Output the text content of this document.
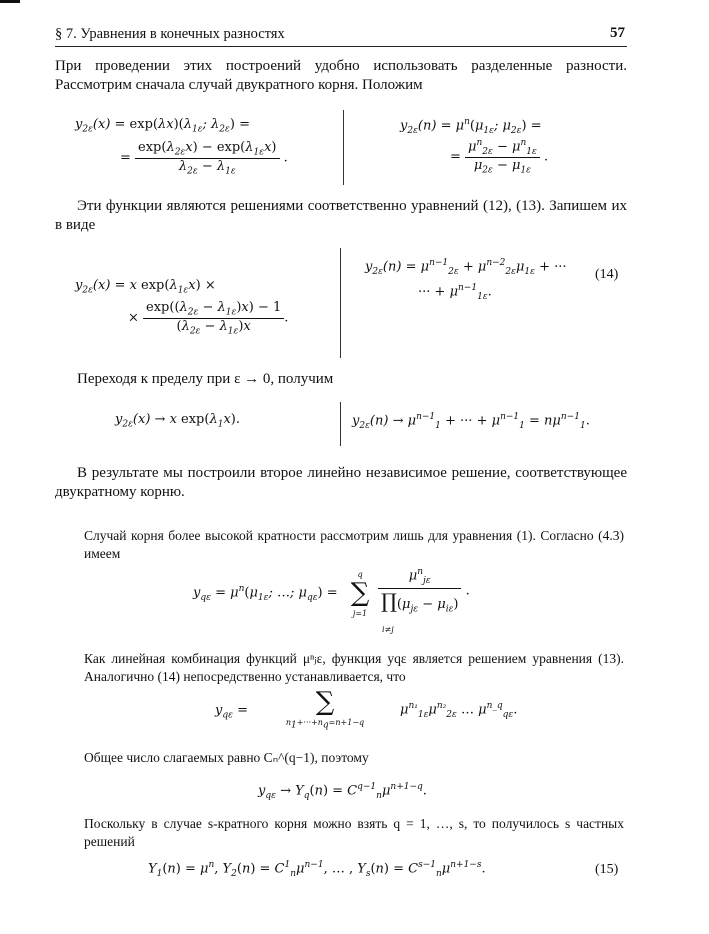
§ 7. Уравнения в конечных разностях	57
При проведении этих построений удобно использовать разделенные разности. Рассмотрим сначала случай двукратного корня. Положим
$y_{2\varepsilon}(x) = \exp(\lambda x)(\lambda_{1\varepsilon}$; $\lambda_{2\varepsilon}$) =
= $\frac{\exp(\lambda_{2\varepsilon}x) - \exp(\lambda_{1\varepsilon}x)}{\lambda_{2\varepsilon} - \lambda_{1\varepsilon}}$ .
$y_{2\varepsilon}(n) = \mu^n(\mu_{1\varepsilon}$; $\mu_{2\varepsilon}$) =
= $\frac{\mu^n_{2\varepsilon} - \mu^n_{1\varepsilon}}{\mu_{2\varepsilon} - \mu_{1\varepsilon}}$ .
Эти функции являются решениями соответственно уравнений (12), (13). Запишем их в виде
$y_{2\varepsilon}(x) = x$ $\exp(\lambda_{1\varepsilon}x)$ ×
× $\frac{\exp((\lambda_{2\varepsilon} - \lambda_{1\varepsilon})x) - 1}{(\lambda_{2\varepsilon} - \lambda_{1\varepsilon})x}$ .
$y_{2\varepsilon}(n) = \mu^{n-1}_{2\varepsilon} + \mu^{n-2}_{2\varepsilon}\mu_{1\varepsilon}$ + ···
··· + $\mu^{n-1}_{1\varepsilon}$.
(14)
Переходя к пределу при ε → 0, получим
$y_{2\varepsilon}(x) \to x$ $\exp(\lambda_1x)$.	$y_{2\varepsilon}(n) \to \mu^{n-1}_1$ + ··· + $\mu^{n-1}_1 = n\mu^{n-1}_1$.
В результате мы построили второе линейно независимое решение, соответствующее двукратному корню.
Случай корня более высокой кратности рассмотрим лишь для уравнения (1). Согласно (4.3) имеем
$y_{q\varepsilon} = \mu^n(\mu_{1\varepsilon}$; …; $\mu_{q\varepsilon}$) =
q
∑
$j=1 \frac{\mu^n_{j\varepsilon}}{\prod(\mu_{j\varepsilon} - \mu_{i\varepsilon})}$ .
i≠j
Как линейная комбинация функций μⁿⱼε, функция yqε является решением уравнения (13). Аналогично (14) непосредственно устанавливается, что
$y_{q\varepsilon}$ =	∑
$n_1+\cdot\cdot\cdot+n_q=n+1-q$
$\mu^{n_1}_{1\varepsilon}\mu^{n_2}_{2\varepsilon}$ … $\mu^{n\_q}_{q\varepsilon}$.
Общее число слагаемых равно Cₙ^(q−1), поэтому
$y_{q\varepsilon} \to Y_q(n) = C^{q-1}_n\mu^{n+1-q}$.
Поскольку в случае s-кратного корня можно взять q = 1, …, s, то получилось s частных решений
$Y_1(n) = \mu^n$, $Y_2(n) = C^1_n\mu^{n-1}$, … , $Y_s(n) = C^{s-1}_n\mu^{n+1-s}$.	(15)
